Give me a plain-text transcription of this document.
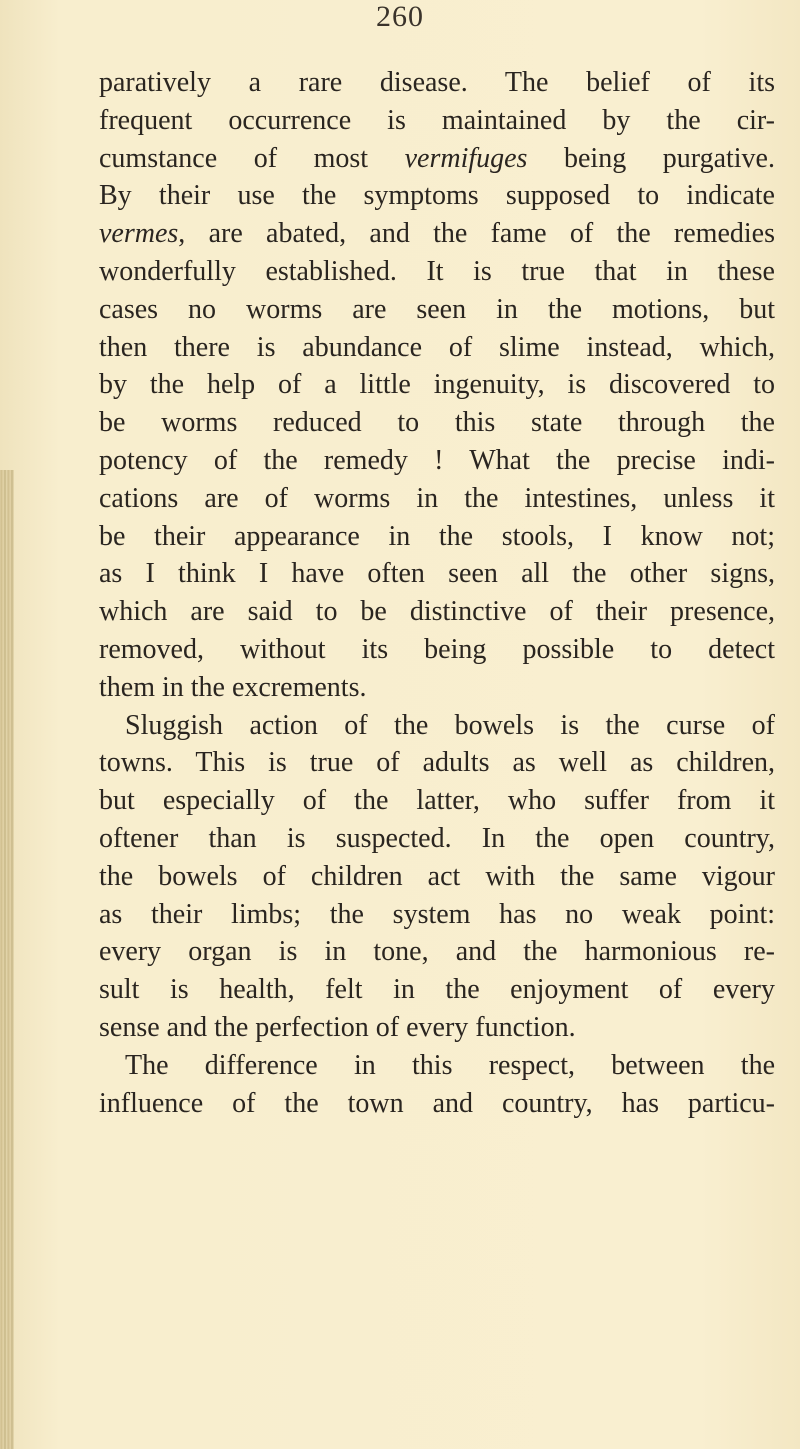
260
paratively a rare disease. The belief of its
frequent occurrence is maintained by the cir-
cumstance of most vermifuges being purgative.
By their use the symptoms supposed to indicate
vermes, are abated, and the fame of the remedies
wonderfully established. It is true that in these
cases no worms are seen in the motions, but
then there is abundance of slime instead, which,
by the help of a little ingenuity, is discovered to
be worms reduced to this state through the
potency of the remedy ! What the precise indi-
cations are of worms in the intestines, unless it
be their appearance in the stools, I know not;
as I think I have often seen all the other signs,
which are said to be distinctive of their presence,
removed, without its being possible to detect
them in the excrements.
Sluggish action of the bowels is the curse of
towns. This is true of adults as well as children,
but especially of the latter, who suffer from it
oftener than is suspected. In the open country,
the bowels of children act with the same vigour
as their limbs; the system has no weak point:
every organ is in tone, and the harmonious re-
sult is health, felt in the enjoyment of every
sense and the perfection of every function.
The difference in this respect, between the
influence of the town and country, has particu-
